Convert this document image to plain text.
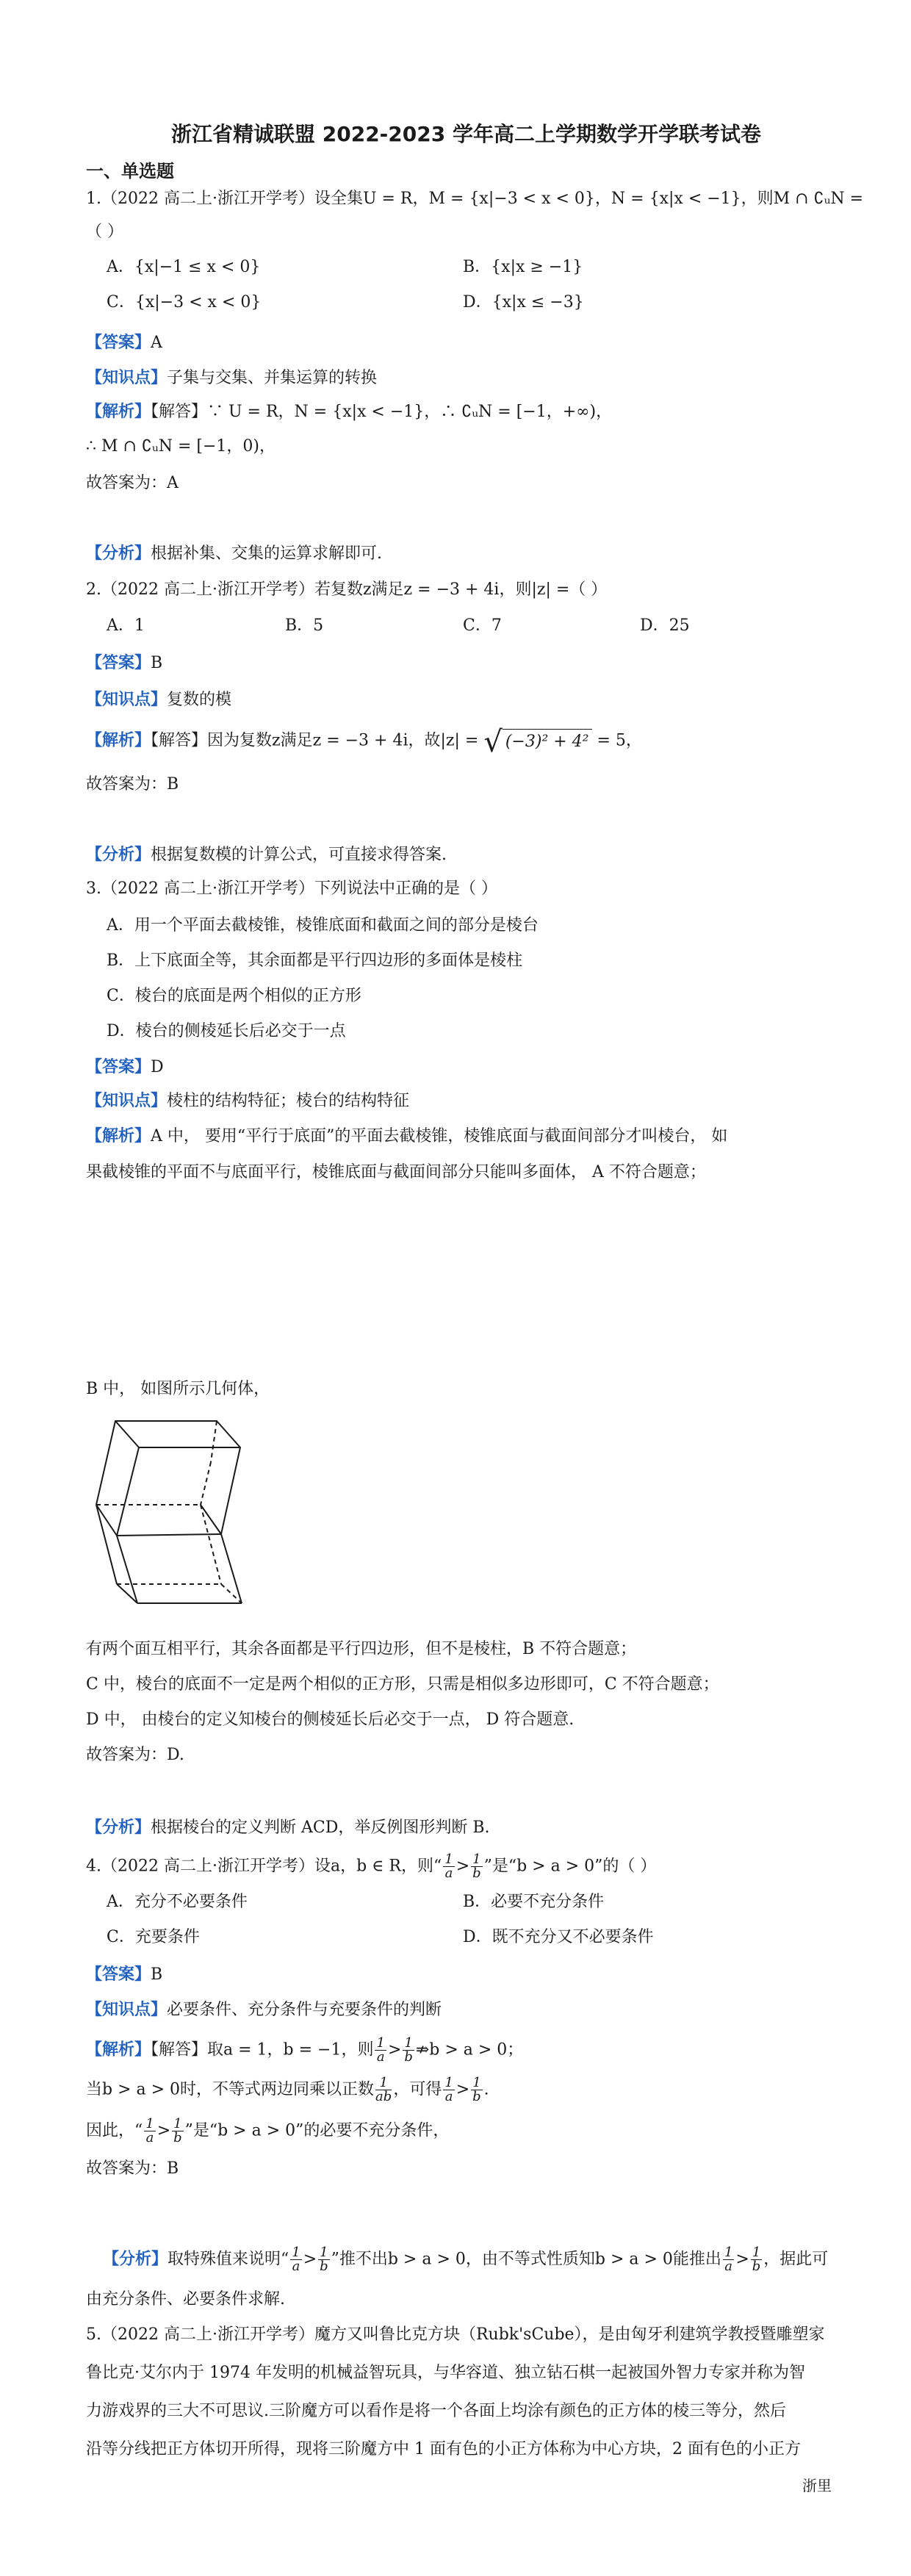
浙江省精诚联盟 2022-2023 学年高二上学期数学开学联考试卷
一、单选题
1.（2022 高二上·浙江开学考）设全集U = R，M = {x|−3 < x < 0}，N = {x|x < −1}，则M ∩ ∁ᵤN =
（ ）
A．{x|−1 ≤ x < 0}	B．{x|x ≥ −1}
C．{x|−3 < x < 0}	D．{x|x ≤ −3}
【答案】A
【知识点】子集与交集、并集运算的转换
【解析】【解答】∵ U = R，N = {x|x < −1}，∴ ∁ᵤN = [−1，+∞)，
∴ M ∩ ∁ᵤN = [−1，0)，
故答案为：A
【分析】根据补集、交集的运算求解即可.
2.（2022 高二上·浙江开学考）若复数z满足z = −3 + 4i，则|z| =（ ）
A．1	B．5	C．7	D．25
【答案】B
【知识点】复数的模
【解析】【解答】因为复数z满足z = −3 + 4i，故|z| = √ (−3)² + 4² = 5，
故答案为：B
【分析】根据复数模的计算公式，可直接求得答案.
3.（2022 高二上·浙江开学考）下列说法中正确的是（ ）
A．用一个平面去截棱锥，棱锥底面和截面之间的部分是棱台
B．上下底面全等，其余面都是平行四边形的多面体是棱柱
C．棱台的底面是两个相似的正方形
D．棱台的侧棱延长后必交于一点
【答案】D
【知识点】棱柱的结构特征；棱台的结构特征
【解析】A 中， 要用“平行于底面”的平面去截棱锥，棱锥底面与截面间部分才叫棱台， 如
果截棱锥的平面不与底面平行，棱锥底面与截面间部分只能叫多面体， A 不符合题意；
B 中， 如图所示几何体，
有两个面互相平行，其余各面都是平行四边形，但不是棱柱，B 不符合题意；
C 中，棱台的底面不一定是两个相似的正方形，只需是相似多边形即可，C 不符合题意；
D 中， 由棱台的定义知棱台的侧棱延长后必交于一点， D 符合题意.
故答案为：D.
【分析】根据棱台的定义判断 ACD，举反例图形判断 B.
4.（2022 高二上·浙江开学考）设a，b ∈ R，则“ $\frac{1}{a} > \frac{1}{b}$ ”是“b > a > 0”的（ ）
A．充分不必要条件	B．必要不充分条件
C．充要条件	D．既不充分又不必要条件
【答案】B
【知识点】必要条件、充分条件与充要条件的判断
【解析】【解答】取a = 1，b = −1，则 $\frac{1}{a} > \frac{1}{b}$ ⇏b > a > 0；
当b > a > 0时，不等式两边同乘以正数 $\frac{1}{ab}$ ，可得 $\frac{1}{a} > \frac{1}{b}$ .
因此，“ $\frac{1}{a} > \frac{1}{b}$ ”是“b > a > 0”的必要不充分条件，
故答案为：B
【分析】取特殊值来说明“ $\frac{1}{a} > \frac{1}{b}$ ”推不出b > a > 0，由不等式性质知b > a > 0能推出 $\frac{1}{a} > \frac{1}{b}$ ，据此可
由充分条件、必要条件求解.
5.（2022 高二上·浙江开学考）魔方又叫鲁比克方块（Rubk'sCube），是由匈牙利建筑学教授暨雕塑家
鲁比克·艾尔内于 1974 年发明的机械益智玩具，与华容道、独立钻石棋一起被国外智力专家并称为智
力游戏界的三大不可思议.三阶魔方可以看作是将一个各面上均涂有颜色的正方体的棱三等分，然后
沿等分线把正方体切开所得，现将三阶魔方中 1 面有色的小正方体称为中心方块，2 面有色的小正方
浙里
